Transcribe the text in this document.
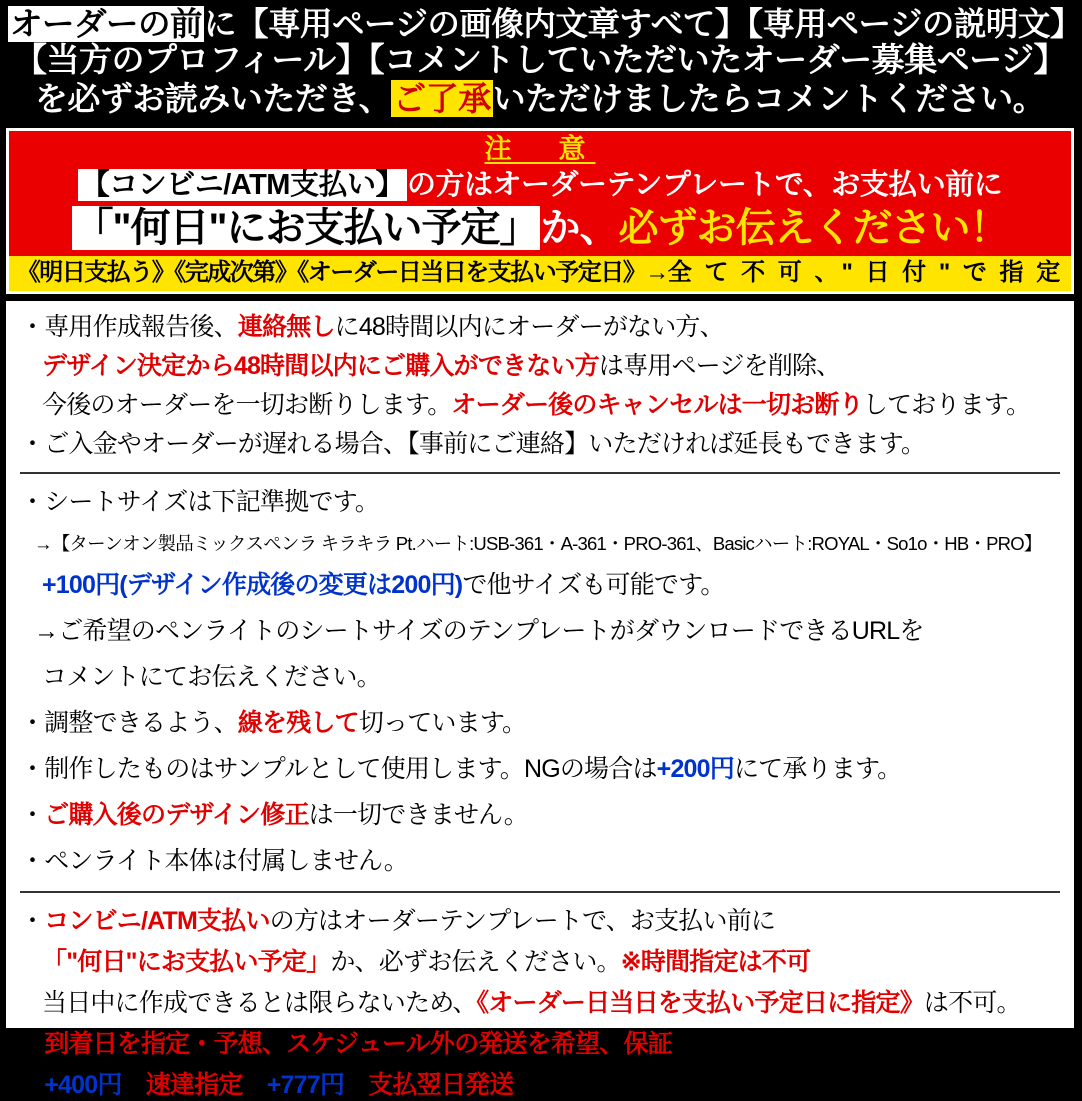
オーダーの前に【専用ページの画像内文章すべて】【専用ページの説明文】
【当方のプロフィール】【コメントしていただいたオーダー募集ページ】
を必ずお読みいただき、ご了承いただけましたらコメントください。
注　意
【コンビニ/ATM支払い】 の方はオーダーテンプレートで、お支払い前に
「"何日"にお支払い予定」か、必ずお伝えください！
《明日支払う》《完成次第》《オーダー日当日を支払い予定日》→全 て 不 可 、" 日 付 " で 指 定
・専用作成報告後、連絡無しに48時間以内にオーダーがない方、
デザイン決定から48時間以内にご購入ができない方は専用ページを削除、
今後のオーダーを一切お断りします。オーダー後のキャンセルは一切お断りしております。
・ご入金やオーダーが遅れる場合、【事前にご連絡】いただければ延長もできます。
・シートサイズは下記準拠です。
→【ターンオン製品ミックスペンラ キラキラ Pt.ハート:USB-361・A-361・PRO-361、Basicハート:ROYAL・So1o・HB・PRO】
+100円(デザイン作成後の変更は200円)で他サイズも可能です。
→ご希望のペンライトのシートサイズのテンプレートがダウンロードできるURLを
コメントにてお伝えください。
・調整できるよう、線を残して切っています。
・制作したものはサンプルとして使用します。NGの場合は+200円にて承ります。
・ご購入後のデザイン修正は一切できません。
・ペンライト本体は付属しません。
・コンビニ/ATM支払いの方はオーダーテンプレートで、お支払い前に
「"何日"にお支払い予定」か、必ずお伝えください。※時間指定は不可
当日中に作成できるとは限らないため、《オーダー日当日を支払い予定日に指定》は不可。
・到着日を指定・予想、スケジュール外の発送を希望、保証は一切できません。
・+400円で速達指定、+777円で支払翌日発送可能です。
